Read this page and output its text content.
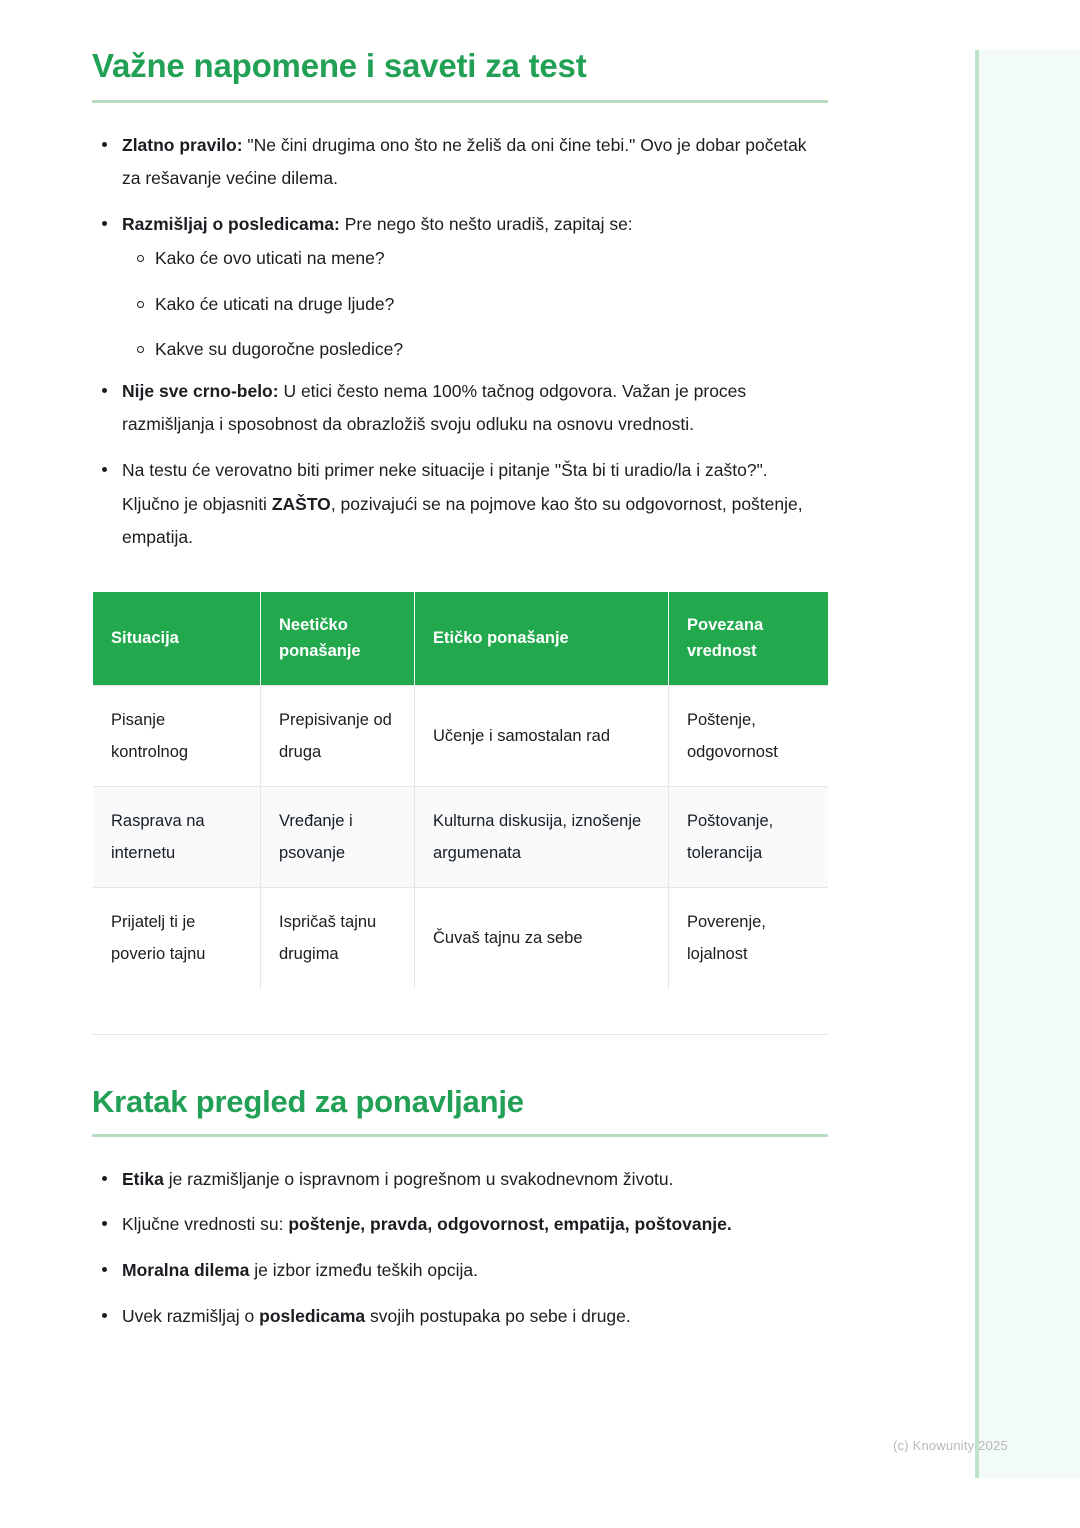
Važne napomene i saveti za test
Zlatno pravilo: "Ne čini drugima ono što ne želiš da oni čine tebi." Ovo je dobar početak za rešavanje većine dilema.
Razmišljaj o posledicama: Pre nego što nešto uradiš, zapitaj se:
Kako će ovo uticati na mene?
Kako će uticati na druge ljude?
Kakve su dugoročne posledice?
Nije sve crno-belo: U etici često nema 100% tačnog odgovora. Važan je proces razmišljanja i sposobnost da obrazložiš svoju odluku na osnovu vrednosti.
Na testu će verovatno biti primer neke situacije i pitanje "Šta bi ti uradio/la i zašto?". Ključno je objasniti ZAŠTO, pozivajući se na pojmove kao što su odgovornost, poštenje, empatija.
Situacija	Neetičko ponašanje	Etičko ponašanje	Povezana vrednost
Pisanje kontrolnog	Prepisivanje od druga	Učenje i samostalan rad	Poštenje, odgovornost
Rasprava na internetu	Vređanje i psovanje	Kulturna diskusija, iznošenje argumenata	Poštovanje, tolerancija
Prijatelj ti je poverio tajnu	Ispričaš tajnu drugima	Čuvaš tajnu za sebe	Poverenje, lojalnost
Kratak pregled za ponavljanje
Etika je razmišljanje o ispravnom i pogrešnom u svakodnevnom životu.
Ključne vrednosti su: poštenje, pravda, odgovornost, empatija, poštovanje.
Moralna dilema je izbor između teških opcija.
Uvek razmišljaj o posledicama svojih postupaka po sebe i druge.
(c) Knowunity 2025
